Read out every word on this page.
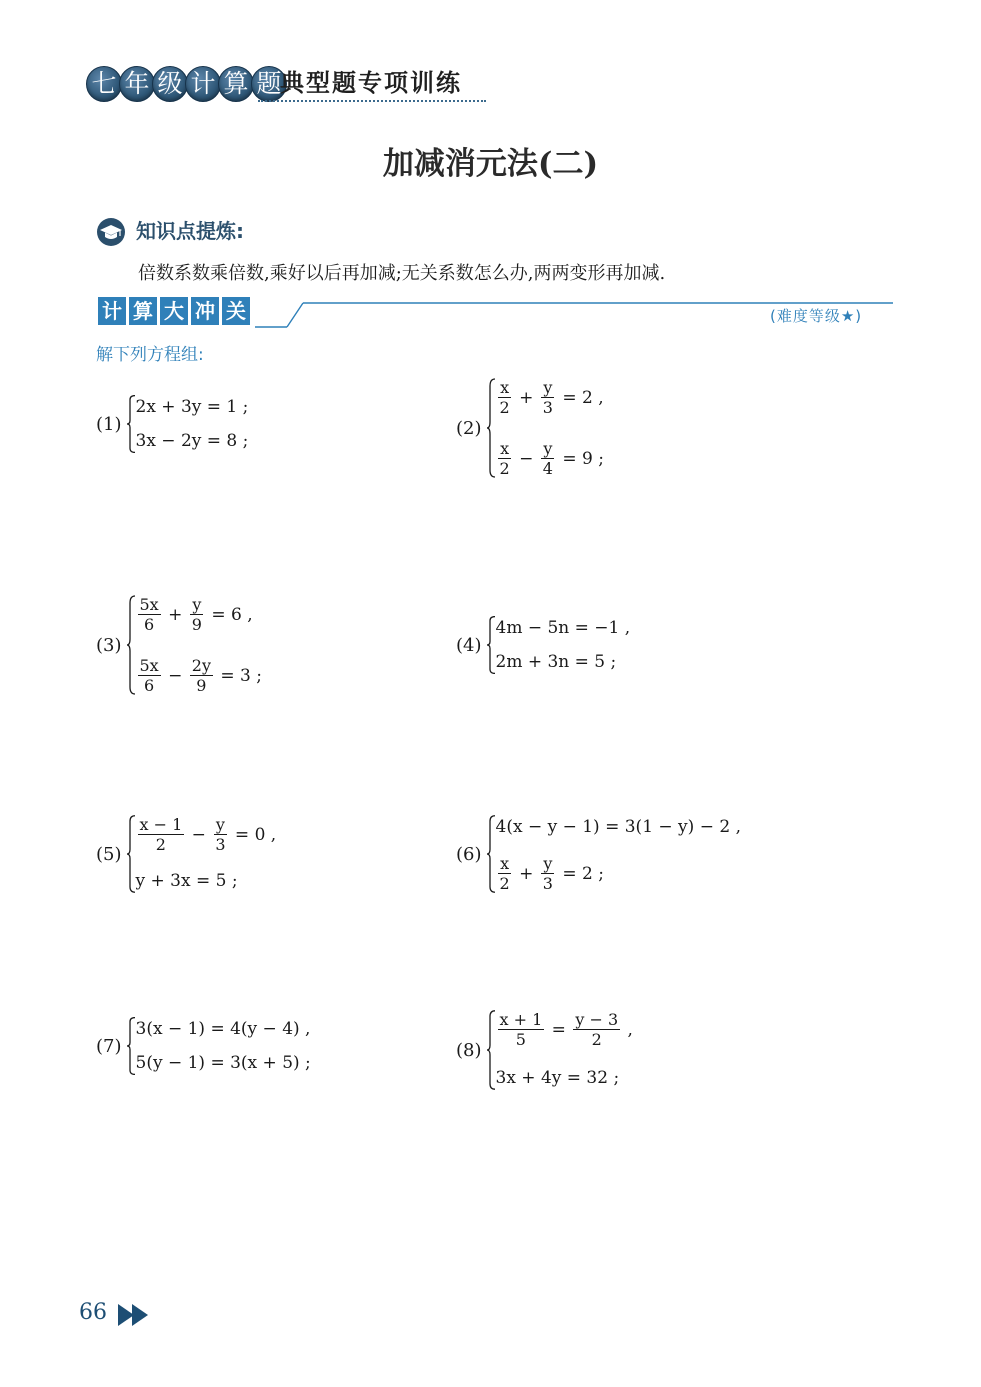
七 年 级 计 算 题
典型题专项训练
加减消元法(二)
知识点提炼:
倍数系数乘倍数,乘好以后再加减;无关系数怎么办,两两变形再加减.
计 算 大 冲 关	(难度等级★)
解下列方程组:
(1)
2x + 3y = 1 ;
3x − 2y = 8 ;
(2)
$\frac{x}{2} + \frac{y}{3} = 2$ ,
$\frac{x}{2} - \frac{y}{4} = 9$ ;
(3)
$\frac{5x}{6} + \frac{y}{9} = 6$ ,
$\frac{5x}{6} - \frac{2y}{9} = 3$ ;
(4)
4m − 5n = −1 ,
2m + 3n = 5 ;
$(5) \frac{x - 1}{2} - \frac{y}{3} = 0$ ,
y + 3x = 5 ;
(6)
4(x − y − 1) = 3(1 − y) − 2 ,
$\frac{x}{2} + \frac{y}{3} = 2$ ;
(7)
3(x − 1) = 4(y − 4) ,
5(y − 1) = 3(x + 5) ;
(8)
$\frac{x + 1}{5} = \frac{y - 3}{2}$ ,
3x + 4y = 32 ;
66
